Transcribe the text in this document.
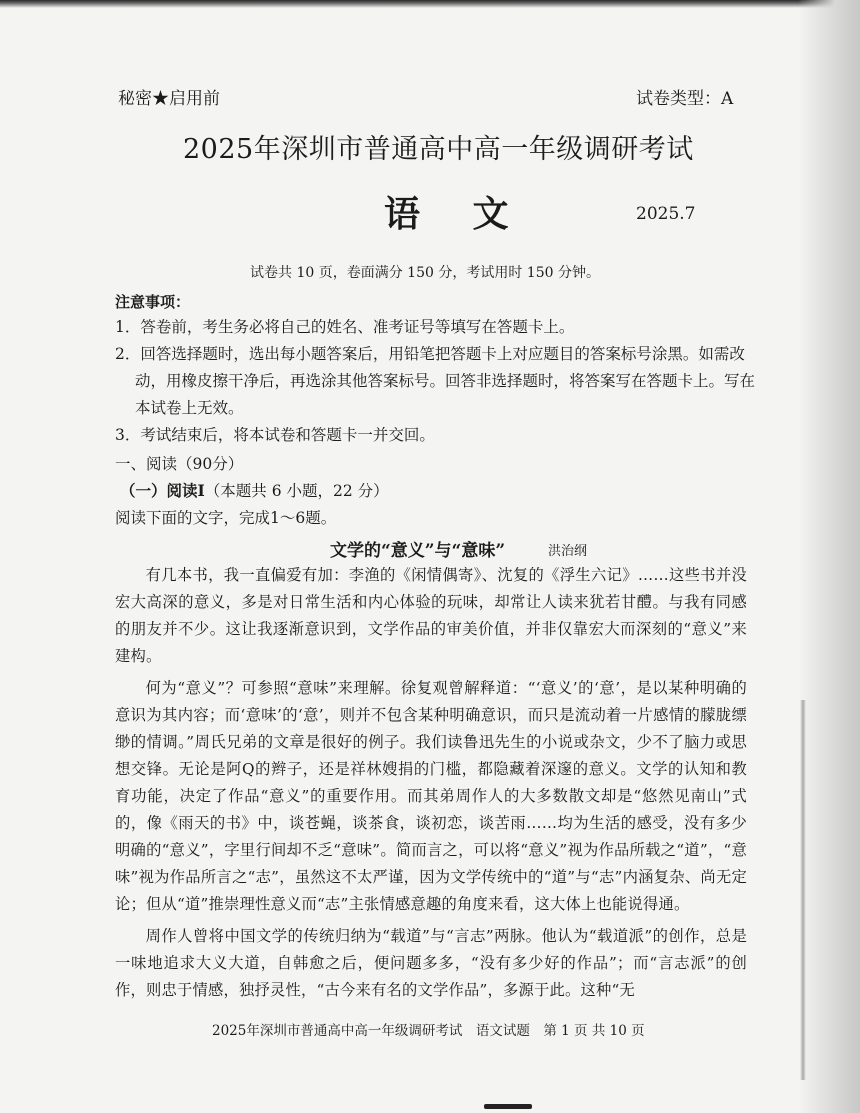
秘密★启用前	试卷类型：A
2025年深圳市普通高中高一年级调研考试
语 文	2025.7
试卷共 10 页，卷面满分 150 分，考试用时 150 分钟。
注意事项：
1．答卷前，考生务必将自己的姓名、准考证号等填写在答题卡上。
2．回答选择题时，选出每小题答案后，用铅笔把答题卡上对应题目的答案标号涂黑。如需改动，用橡皮擦干净后，再选涂其他答案标号。回答非选择题时，将答案写在答题卡上。写在本试卷上无效。
3．考试结束后，将本试卷和答题卡一并交回。
一、阅读（90分）
（一）阅读Ⅰ（本题共 6 小题，22 分）
阅读下面的文字，完成1～6题。
文学的“意义”与“意味”	洪治纲

有几本书，我一直偏爱有加：李渔的《闲情偶寄》、沈复的《浮生六记》……这些书并没宏大高深的意义，多是对日常生活和内心体验的玩味，却常让人读来犹若甘醴。与我有同感的朋友并不少。这让我逐渐意识到，文学作品的审美价值，并非仅靠宏大而深刻的“意义”来建构。

何为“意义”？可参照“意味”来理解。徐复观曾解释道：“‘意义’的‘意’，是以某种明确的意识为其内容；而‘意味’的‘意’，则并不包含某种明确意识，而只是流动着一片感情的朦胧缥缈的情调。”周氏兄弟的文章是很好的例子。我们读鲁迅先生的小说或杂文，少不了脑力或思想交锋。无论是阿Q的辫子，还是祥林嫂捐的门槛，都隐藏着深邃的意义。文学的认知和教育功能，决定了作品“意义”的重要作用。而其弟周作人的大多数散文却是“悠然见南山”式的，像《雨天的书》中，谈苍蝇，谈茶食，谈初恋，谈苦雨……均为生活的感受，没有多少明确的“意义”，字里行间却不乏“意味”。简而言之，可以将“意义”视为作品所载之“道”，“意味”视为作品所言之“志”，虽然这不太严谨，因为文学传统中的“道”与“志”内涵复杂、尚无定论；但从“道”推崇理性意义而“志”主张情感意趣的角度来看，这大体上也能说得通。

周作人曾将中国文学的传统归纳为“载道”与“言志”两脉。他认为“载道派”的创作，总是一味地追求大义大道，自韩愈之后，便问题多多，“没有多少好的作品”；而“言志派”的创作，则忠于情感，独抒灵性，“古今来有名的文学作品”，多源于此。这种“无

2025年深圳市普通高中高一年级调研考试　语文试题　第 1 页 共 10 页
